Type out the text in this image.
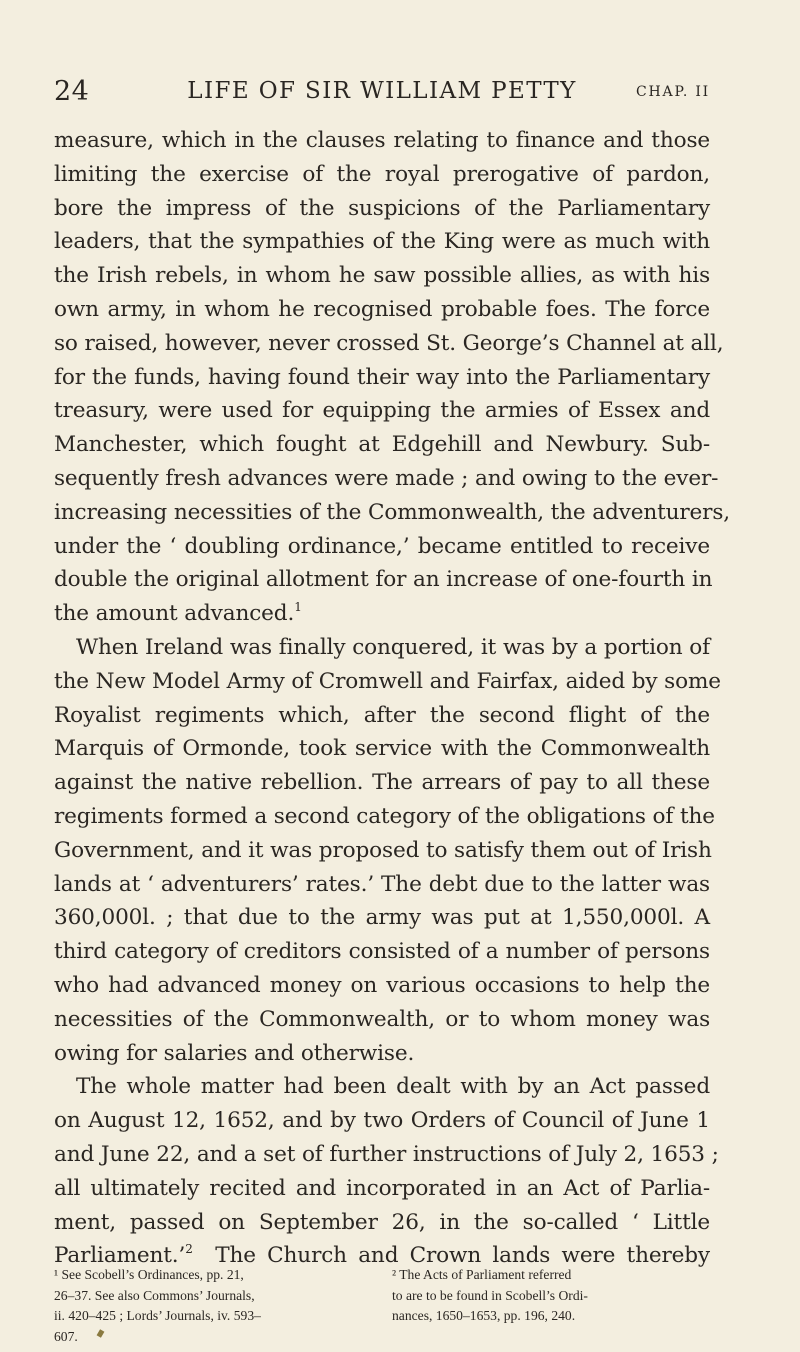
24	LIFE OF SIR WILLIAM PETTY	CHAP. II

measure, which in the clauses relating to finance and those
limiting the exercise of the royal prerogative of pardon,
bore the impress of the suspicions of the Parliamentary
leaders, that the sympathies of the King were as much with
the Irish rebels, in whom he saw possible allies, as with his
own army, in whom he recognised probable foes. The force
so raised, however, never crossed St. George’s Channel at all,
for the funds, having found their way into the Parliamentary
treasury, were used for equipping the armies of Essex and
Manchester, which fought at Edgehill and Newbury. Sub-
sequently fresh advances were made ; and owing to the ever-
increasing necessities of the Commonwealth, the adventurers,
under the ‘ doubling ordinance,’ became entitled to receive
double the original allotment for an increase of one-fourth in
the amount advanced.$^1$

When Ireland was finally conquered, it was by a portion of
the New Model Army of Cromwell and Fairfax, aided by some
Royalist regiments which, after the second flight of the
Marquis of Ormonde, took service with the Commonwealth
against the native rebellion. The arrears of pay to all these
regiments formed a second category of the obligations of the
Government, and it was proposed to satisfy them out of Irish
lands at ‘ adventurers’ rates.’ The debt due to the latter was
360,000l. ; that due to the army was put at 1,550,000l. A
third category of creditors consisted of a number of persons
who had advanced money on various occasions to help the
necessities of the Commonwealth, or to whom money was
owing for salaries and otherwise.

The whole matter had been dealt with by an Act passed
on August 12, 1652, and by two Orders of Council of June 1
and June 22, and a set of further instructions of July 2, 1653 ;
all ultimately recited and incorporated in an Act of Parlia-
ment, passed on September 26, in the so-called ‘ Little
Parliament.’$^2$ The Church and Crown lands were thereby

¹ See Scobell’s Ordinances, pp. 21,
26–37. See also Commons’ Journals,
ii. 420–425 ; Lords’ Journals, iv. 593–
607.
² The Acts of Parliament referred
to are to be found in Scobell’s Ordi-
nances, 1650–1653, pp. 196, 240.
